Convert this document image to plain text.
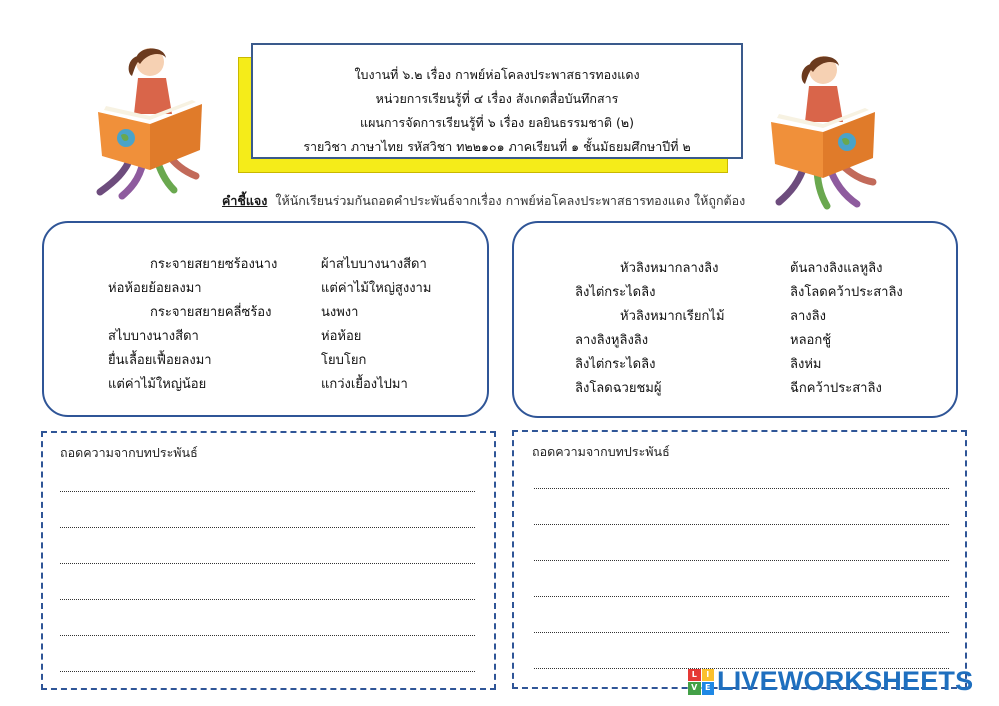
ใบงานที่ ๖.๒ เรื่อง กาพย์ห่อโคลงประพาสธารทองแดง
หน่วยการเรียนรู้ที่ ๔ เรื่อง สังเกตสื่อบันทึกสาร
แผนการจัดการเรียนรู้ที่ ๖ เรื่อง ยลยินธรรมชาติ (๒)
รายวิชา ภาษาไทย รหัสวิชา ท๒๒๑๐๑ ภาคเรียนที่ ๑ ชั้นมัธยมศึกษาปีที่ ๒
คำชี้แจง ให้นักเรียนร่วมกันถอดคำประพันธ์จากเรื่อง กาพย์ห่อโคลงประพาสธารทองแดง ให้ถูกต้อง
กระจายสยายซร้องนาง
ห่อห้อยย้อยลงมา
กระจายสยายคลี่ซร้อง
สไบบางนางสีดา
ยื่นเลื้อยเฟื้อยลงมา
แต่ค่าไม้ใหญ่น้อย
ผ้าสไบบางนางสีดา
แต่ค่าไม้ใหญ่สูงงาม
นงพงา
ห่อห้อย
โยบโยก
แกว่งเยื้องไปมา
หัวลิงหมากลางลิง
ลิงไต่กระไดลิง
หัวลิงหมากเรียกไม้
ลางลิงหูลิงลิง
ลิงไต่กระไดลิง
ลิงโลดฉวยชมผู้
ต้นลางลิงแลหูลิง
ลิงโลดคว้าประสาลิง
ลางลิง
หลอกชู้
ลิงห่ม
ฉีกคว้าประสาลิง
ถอดความจากบทประพันธ์	ถอดความจากบทประพันธ์
L	I
V E LIVEWORKSHEETS
